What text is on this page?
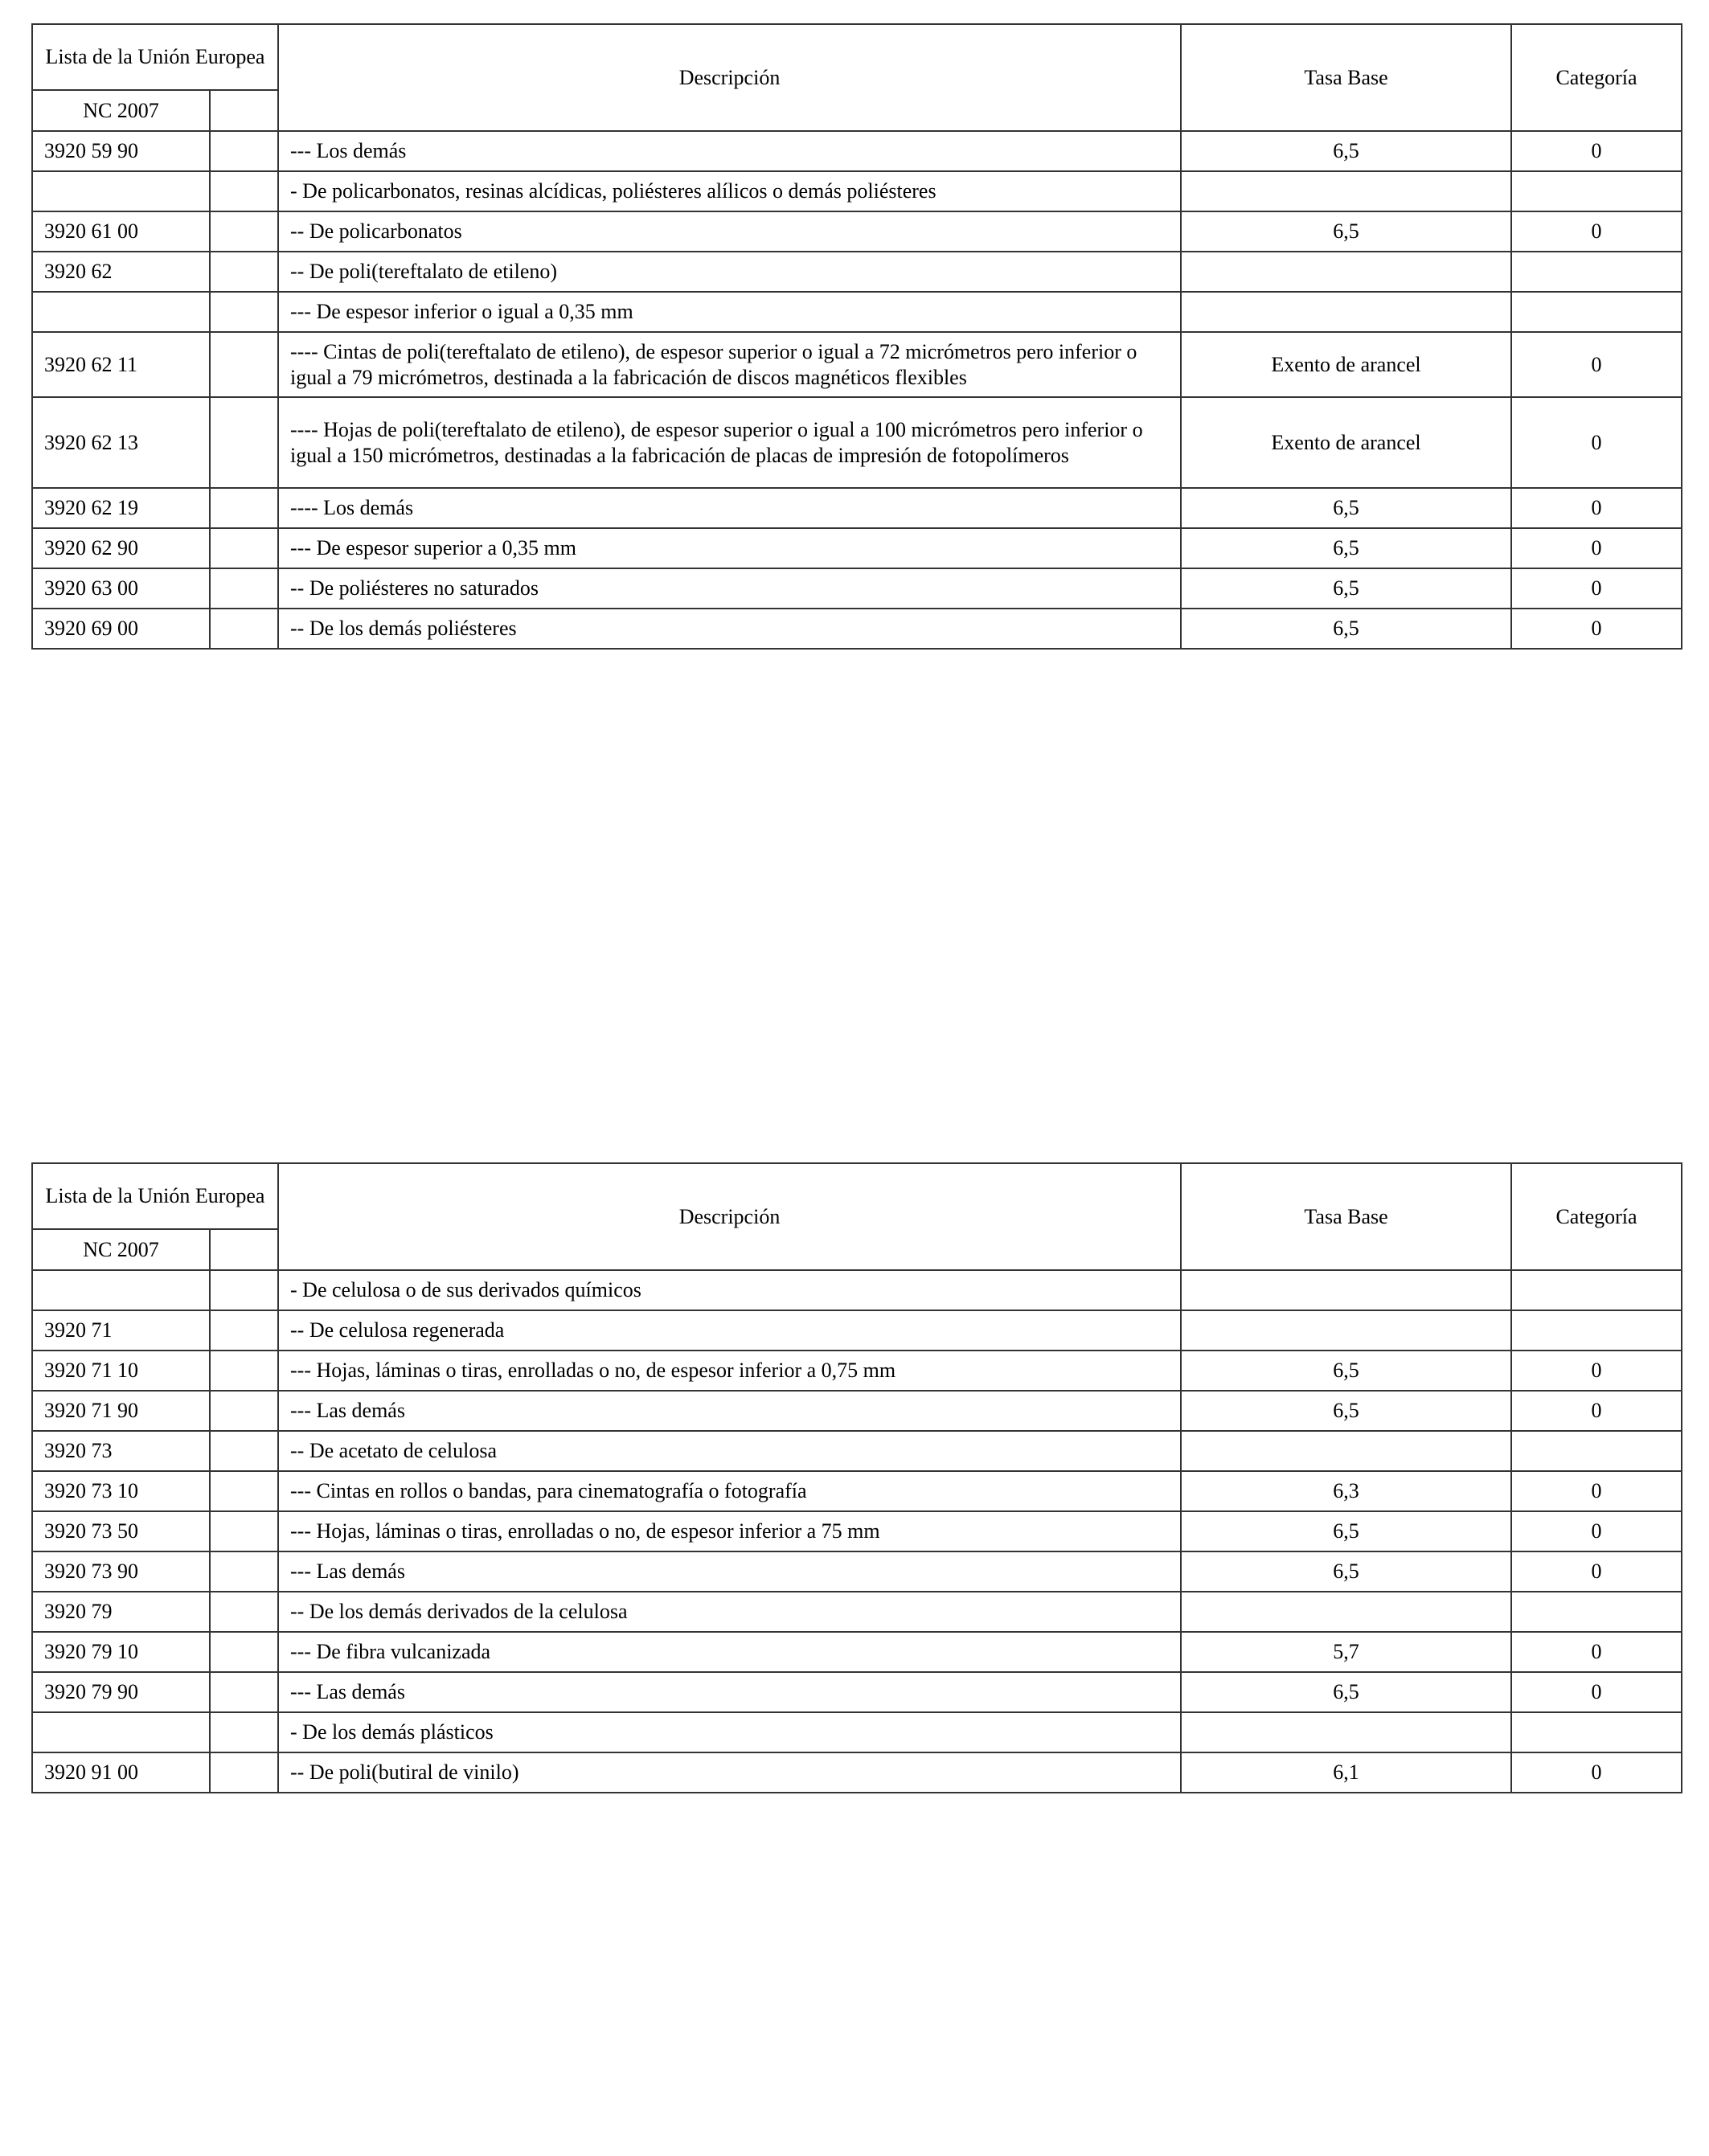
Lista de la Unión Europea		Descripción	Tasa Base	Categoría
NC 2007				
3920 59 90		--- Los demás	6,5	0
		- De policarbonatos, resinas alcídicas, poliésteres alílicos o demás poliésteres		
3920 61 00		-- De policarbonatos	6,5	0
3920 62		-- De poli(tereftalato de etileno)		
		--- De espesor inferior o igual a 0,35 mm		
3920 62 11		---- Cintas de poli(tereftalato de etileno), de espesor superior o igual a 72 micrómetros pero inferior o igual a 79 micrómetros, destinada a la fabricación de discos magnéticos flexibles	Exento de arancel	0
3920 62 13		---- Hojas de poli(tereftalato de etileno), de espesor superior o igual a 100 micrómetros pero inferior o igual a 150 micrómetros, destinadas a la fabricación de placas de impresión de fotopolímeros	Exento de arancel	0
3920 62 19		---- Los demás	6,5	0
3920 62 90		--- De espesor superior a 0,35 mm	6,5	0
3920 63 00		-- De poliésteres no saturados	6,5	0
3920 69 00		-- De los demás poliésteres	6,5	0
Lista de la Unión Europea		Descripción	Tasa Base	Categoría
NC 2007				
		- De celulosa o de sus derivados químicos		
3920 71		-- De celulosa regenerada		
3920 71 10		--- Hojas, láminas o tiras, enrolladas o no, de espesor inferior a 0,75 mm	6,5	0
3920 71 90		--- Las demás	6,5	0
3920 73		-- De acetato de celulosa		
3920 73 10		--- Cintas en rollos o bandas, para cinematografía o fotografía	6,3	0
3920 73 50		--- Hojas, láminas o tiras, enrolladas o no, de espesor inferior a 75 mm	6,5	0
3920 73 90		--- Las demás	6,5	0
3920 79		-- De los demás derivados de la celulosa		
3920 79 10		--- De fibra vulcanizada	5,7	0
3920 79 90		--- Las demás	6,5	0
		- De los demás plásticos		
3920 91 00		-- De poli(butiral de vinilo)	6,1	0
